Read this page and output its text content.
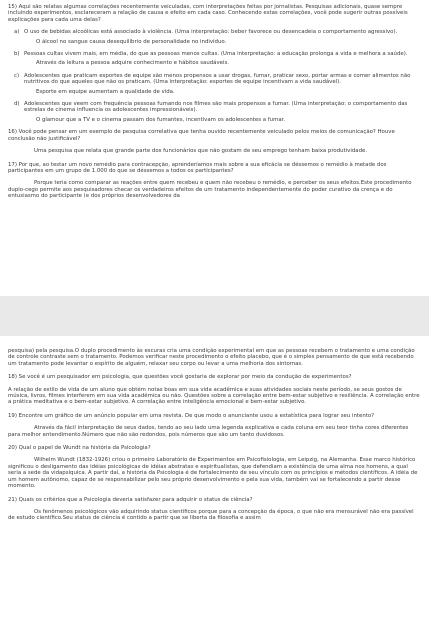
15) Aqui são relatas algumas correlações recentemente veiculadas, com interpretações feitas por jornalistas. Pesquisas adicionais, quase sempre incluindo experimentos, esclareceram a relação de causa e efeito em cada caso. Conhecendo estas correlações, você pode sugerir outras possíveis explicações para cada uma delas?

a) O uso de bebidas alcoólicas está associado à violência. (Uma interpretação: beber favorece ou desencadeia o comportamento agressivo).

O álcool no sangue causa desequilíbrio de personalidade no indivíduo.

b) Pessoas cultas vivem mais, em média, do que as pessoas menos cultas. (Uma interpretação: a educação prolonga a vida e melhora a saúde).

Através da leitura a pessoa adquire conhecimento e hábitos saudáveis.

c) Adolescentes que praticam esportes de equipe são menos propensos a usar drogas, fumar, praticar sexo, portar armas e comer alimentos não nutritivos do que aqueles que não os praticam. (Uma interpretação: esportes de equipe incentivam a vida saudável).

Esporte em equipe aumentam a qualidade de vida.

d) Adolescentes que veem com frequência pessoas fumando nos filmes são mais propensos a fumar. (Uma interpretação: o comportamento das estrelas de cinema influencia os adolescentes impressionáveis).

O glamour que a TV e o cinema passam dos fumantes, incentivam os adolescentes a fumar.

16) Você pode pensar em um exemplo de pesquisa correlativa que tenha ouvido recentemente veiculado pelos meios de comunicação? Houve conclusão não justificável?

Uma pesquisa que relata que grande parte dos funcionários que não gostam de seu emprego tenham baixa produtividade.

17) Por que, ao testar um novo remédio para contracepção, aprenderíamos mais sobre a sua eficácia se déssemos o remédio à metade dos participantes em um grupo de 1.000 do que se déssemos a todos os participantes?

Porque teria como comparar as reações entre quem recebeu e quem não recebeu o remédio, e perceber os seus efeitos.Este procedimento duplo-cego permite aos pesquisadores checar os verdadeiros efeitos de um tratamento independentemente do poder curativo da crença e do entusiasmo do participante (e dos próprios desenvolvedores da

pesquisa) pela pesquisa.O duplo procedimento às escuras cria uma condição experimental em que as pessoas recebem o tratamento e uma condição de controle contraste sem o tratamento. Podemos verificar neste procedimento o efeito placebo, que é o simples pensamento de que está recebendo um tratamento pode levantar o espírito de alguém, relaxar seu corpo ou levar a uma melhoria dos sintomas.

18) Se você é um pesquisador em psicologia, que questões você gostaria de explorar por meio da condução de experimentos?

A relação de estilo de vida de um aluno que obtém notas boas em sua vida acadêmica e suas atividades sociais neste período, se seus gostos de música, livros, filmes interferem em sua vida acadêmica ou não. Questões sobre a correlação entre bem-estar subjetivo e resiliência. A correlação entre a prática meditativa e o bem-estar subjetivo. A correlação entre inteligência emocional e bem-estar subjetivo.

19) Encontre um gráfico de um anúncio popular em uma revista. De que modo o anunciante usou a estatística para lograr seu intento?

Através da fácil interpretação de seus dados, tendo ao seu lado uma legenda explicativa e cada coluna em seu teor tinha cores diferentes para melhor entendimento.Número que não são redondos, pois números que são um tanto duvidosos.

20) Qual o papel de Wundt na história da Psicologia?

Wilhelm Wundt (1832-1926) criou o primeiro Laboratório de Experimentos em Psicofisiologia, em Leipzig, na Alemanha. Esse marco histórico significou o desligamento das idéias psicológicas de idéias abstratas e espiritualistas, que defendiam a existência de uma alma nos homens, a qual seria a sede da vidapsíquica. A partir daí, a história da Psicologia é de fortalecimento de seu vínculo com os princípios e métodos científicos. A idéia de um homem autônomo, capaz de se responsabilizar pelo seu próprio desenvolvimento e pela sua vida, também vai se fortalecendo a partir desse momento.

21) Quais os critérios que a Psicologia deveria satisfazer para adquirir o status de ciência?

Os fenômenos psicológicos vão adquirindo status científicos porque para a concepção da época, o que não era mensurável não era passível de estudo científico.Seu status de ciência é contido a partir que se liberta da filosofia e assim
